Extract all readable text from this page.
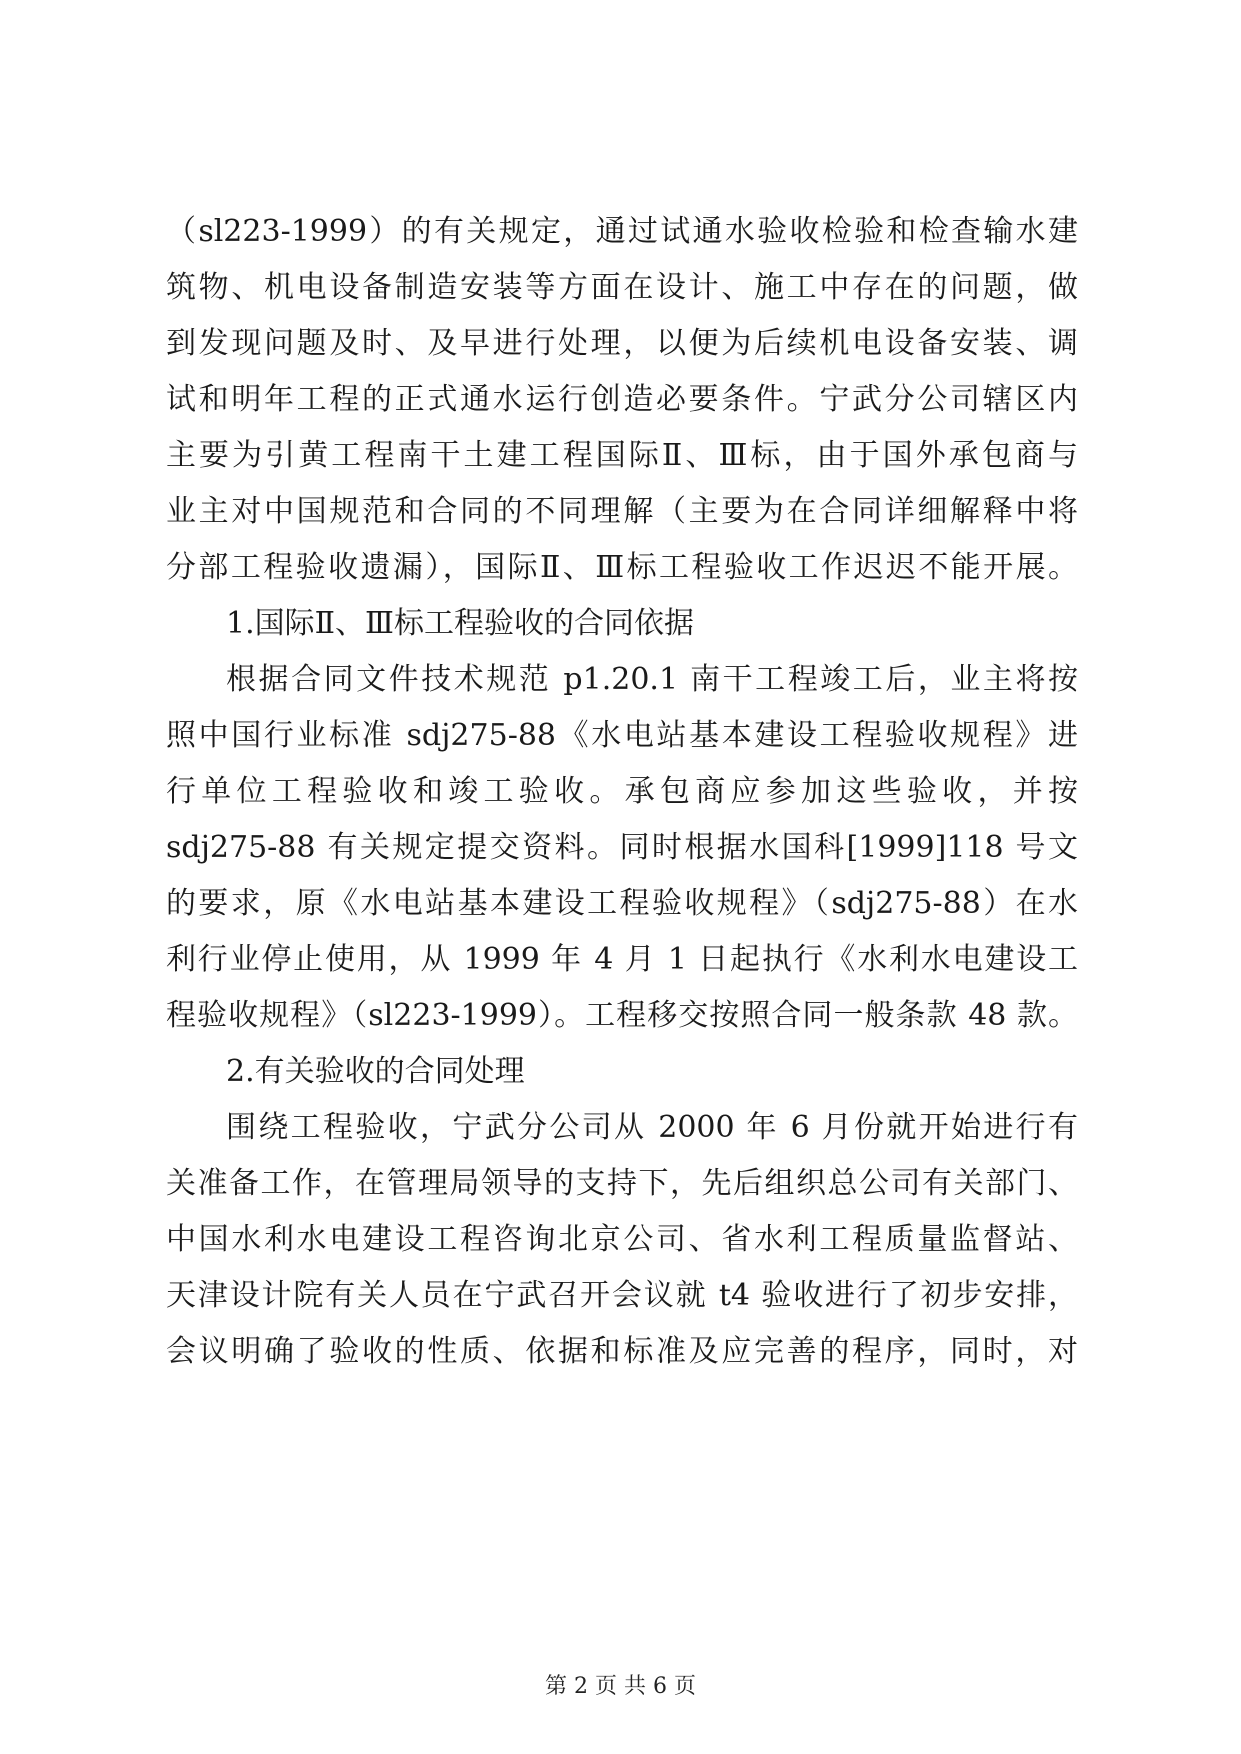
（sl223-1999）的有关规定，通过试通水验收检验和检查输水建
筑物、机电设备制造安装等方面在设计、施工中存在的问题，做
到发现问题及时、及早进行处理，以便为后续机电设备安装、调
试和明年工程的正式通水运行创造必要条件。宁武分公司辖区内
主要为引黄工程南干土建工程国际Ⅱ、Ⅲ标，由于国外承包商与
业主对中国规范和合同的不同理解（主要为在合同详细解释中将
分部工程验收遗漏），国际Ⅱ、Ⅲ标工程验收工作迟迟不能开展。
1.国际Ⅱ、Ⅲ标工程验收的合同依据
根据合同文件技术规范 p1.20.1 南干工程竣工后，业主将按
照中国行业标准 sdj275-88《水电站基本建设工程验收规程》进
行单位工程验收和竣工验收。承包商应参加这些验收，并按
sdj275-88 有关规定提交资料。同时根据水国科[1999]118 号文
的要求，原《水电站基本建设工程验收规程》（sdj275-88）在水
利行业停止使用，从 1999 年 4 月 1 日起执行《水利水电建设工
程验收规程》（sl223-1999）。工程移交按照合同一般条款 48 款。
2.有关验收的合同处理
围绕工程验收，宁武分公司从 2000 年 6 月份就开始进行有
关准备工作，在管理局领导的支持下，先后组织总公司有关部门、
中国水利水电建设工程咨询北京公司、省水利工程质量监督站、
天津设计院有关人员在宁武召开会议就 t4 验收进行了初步安排，
会议明确了验收的性质、依据和标准及应完善的程序，同时，对
第 2 页 共 6 页
